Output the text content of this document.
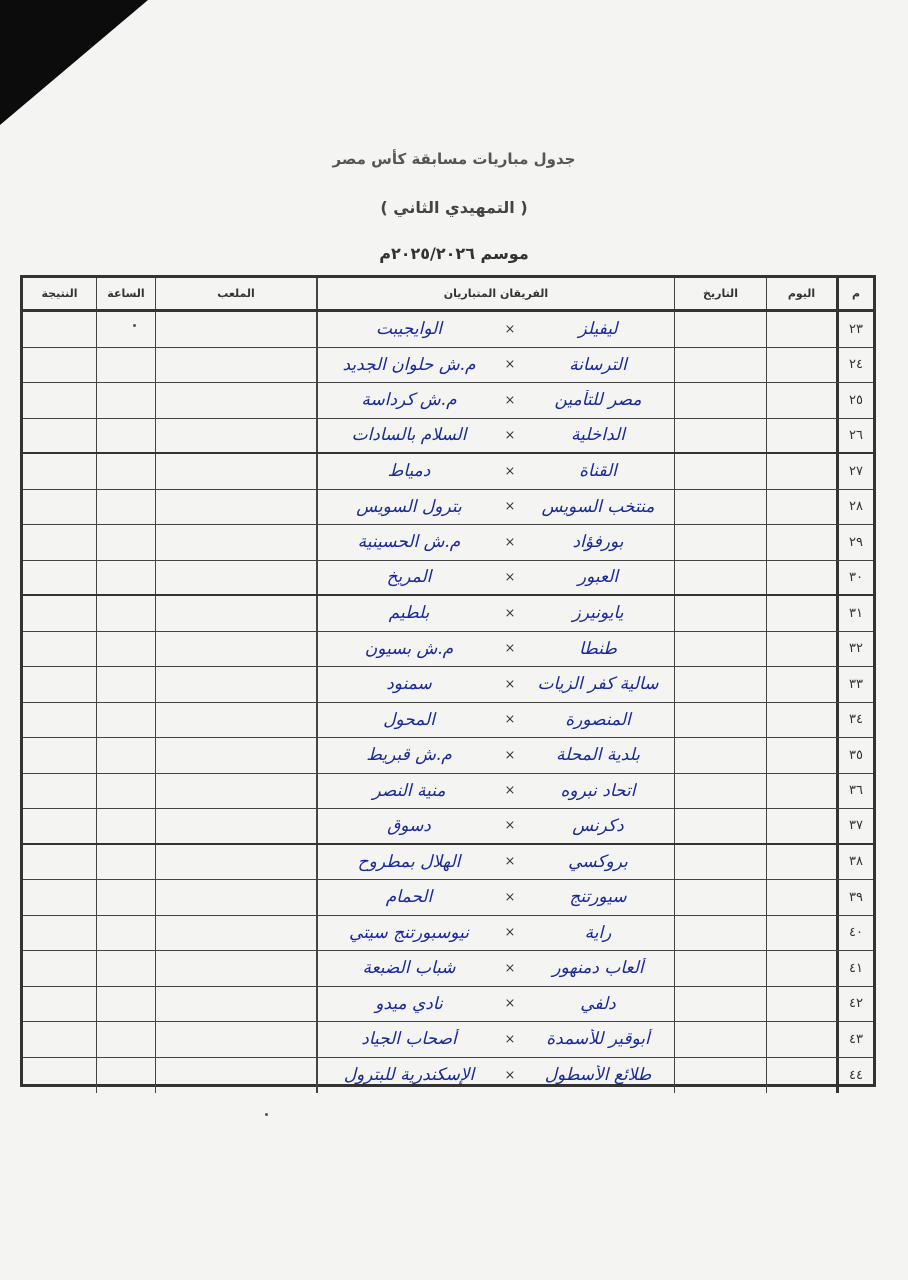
جدول مباريات مسابقة كأس مصر
( التمهيدي الثاني )
موسم ٢٠٢٥/٢٠٢٦م
م
اليوم
التاريخ
الفريقان المتباريان
الملعب
الساعة
النتيجة
٢٣
ليفيلز
×
الوايجيبت
٢٤
الترسانة
×
م.ش حلوان الجديد
٢٥
مصر للتأمين
×
م.ش كرداسة
٢٦
الداخلية
×
السلام بالسادات
٢٧
القناة
×
دمياط
٢٨
منتخب السويس
×
بترول السويس
٢٩
بورفؤاد
×
م.ش الحسينية
٣٠
العبور
×
المريخ
٣١
يايونيرز
×
بلطيم
٣٢
طنطا
×
م.ش بسيون
٣٣
سالية كفر الزيات
×
سمنود
٣٤
المنصورة
×
المحول
٣٥
بلدية المحلة
×
م.ش قبريط
٣٦
اتحاد نبروه
×
منية النصر
٣٧
دكرنس
×
دسوق
٣٨
بروكسي
×
الهلال بمطروح
٣٩
سيورتنج
×
الحمام
٤٠
راية
×
نيوسبورتنج سيتي
٤١
ألعاب دمنهور
×
شباب الضبعة
٤٢
دلفي
×
نادي ميدو
٤٣
أبوقير للأسمدة
×
أصحاب الجياد
٤٤
طلائع الأسطول
×
الإسكندرية للبترول
